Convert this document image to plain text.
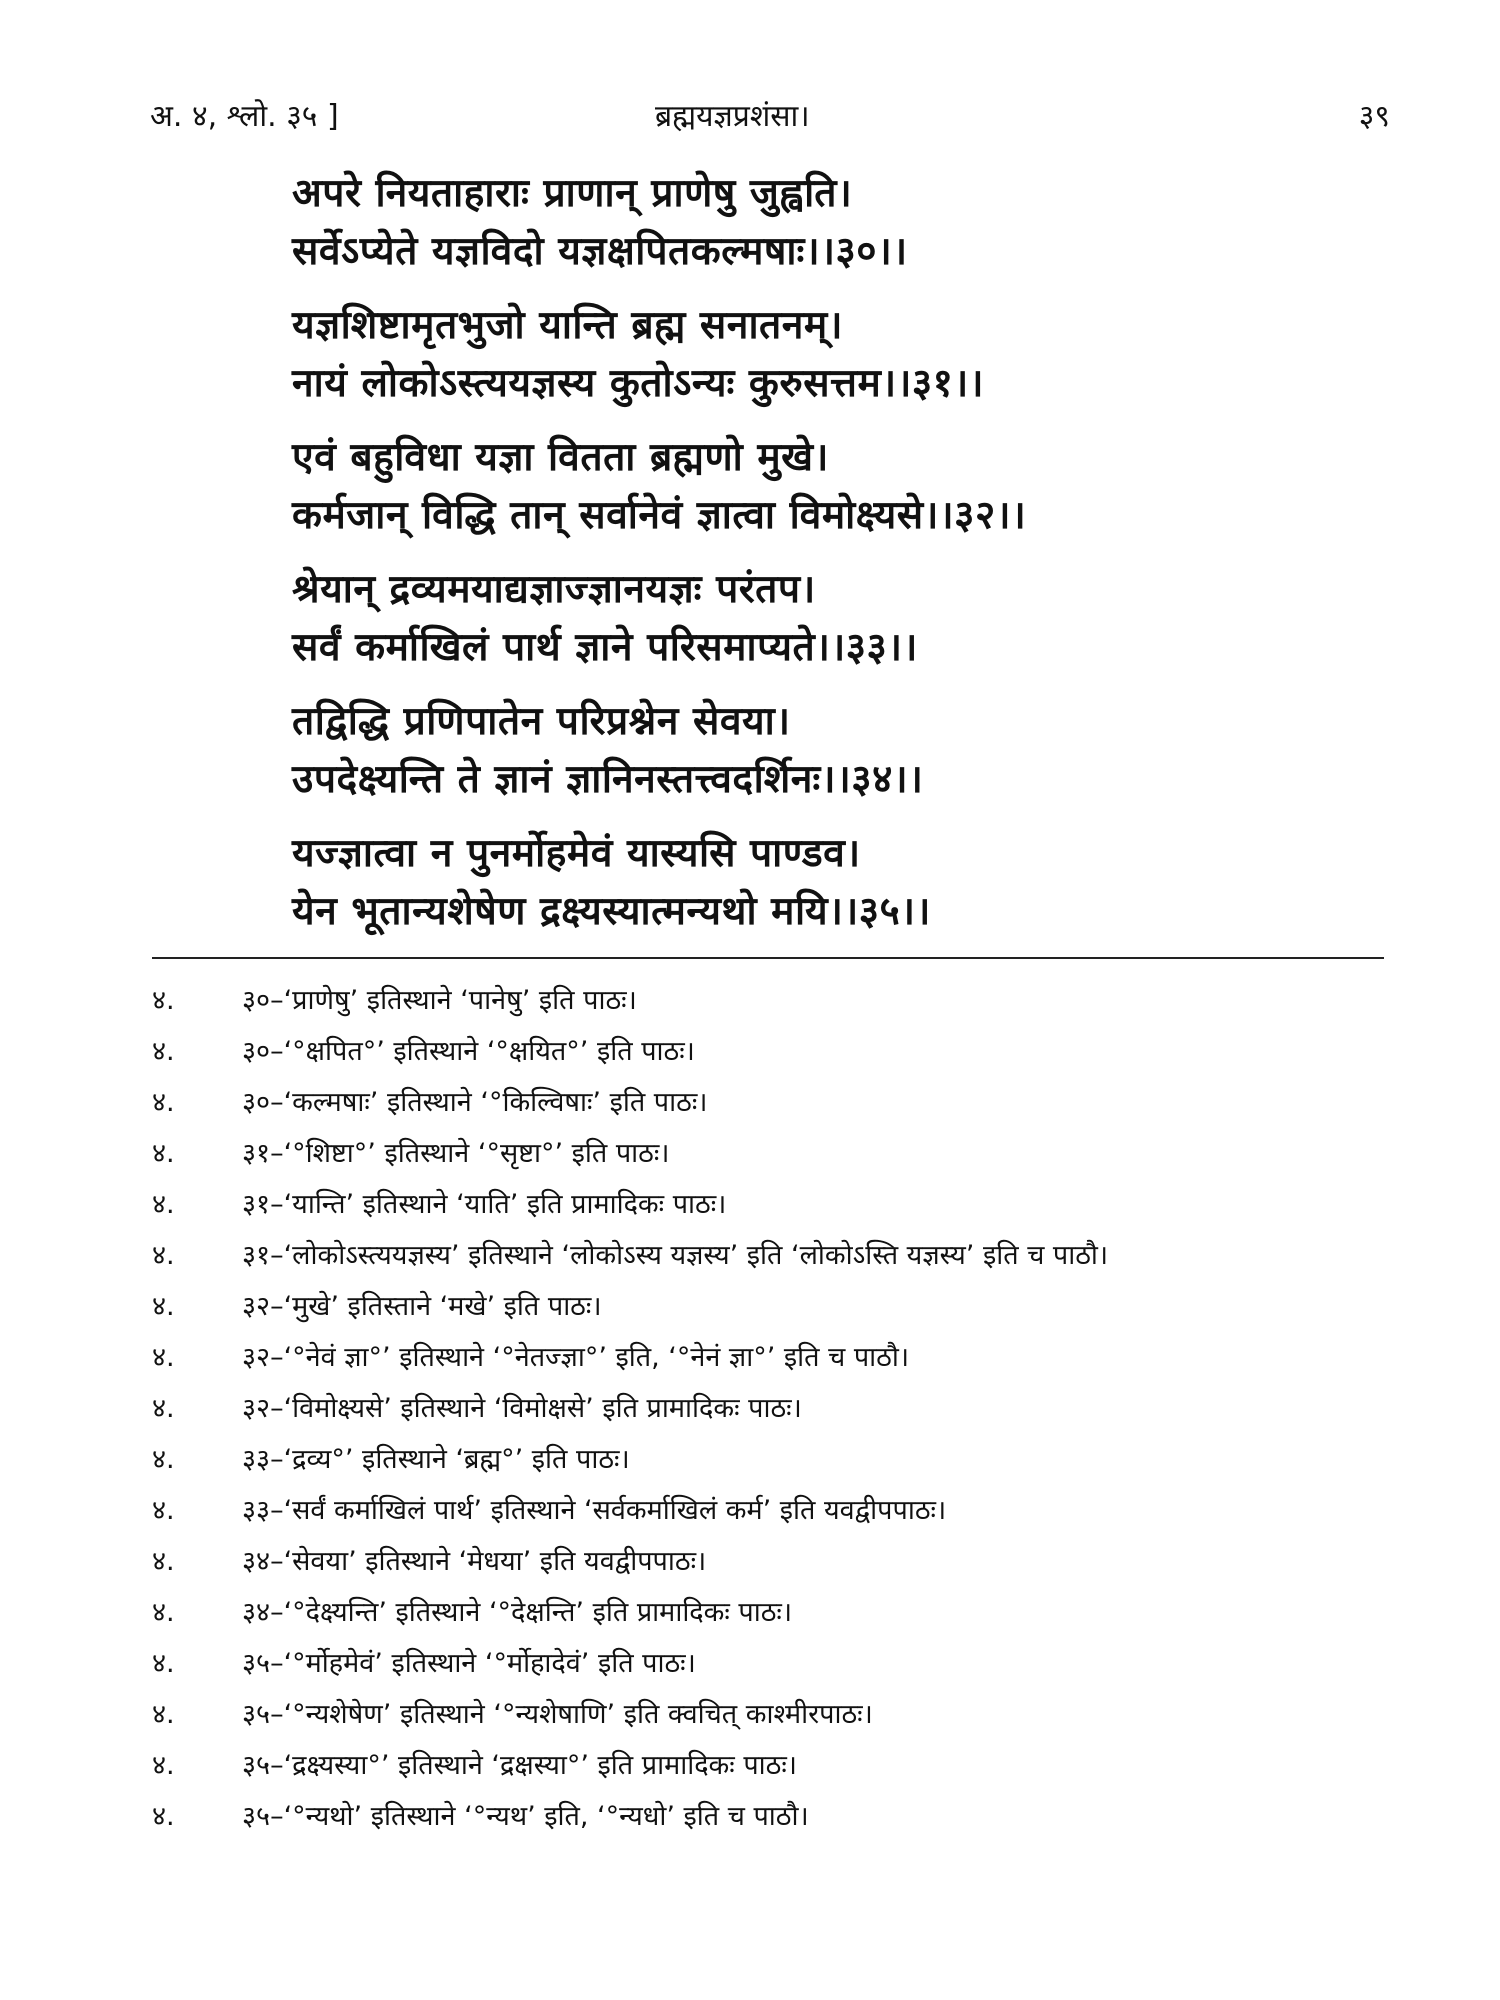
अ. ४, श्लो. ३५ ]	ब्रह्मयज्ञप्रशंसा।	३९
अपरे नियताहाराः प्राणान् प्राणेषु जुह्वति।
सर्वेऽप्येते यज्ञविदो यज्ञक्षपितकल्मषाः।।३०।।
यज्ञशिष्टामृतभुजो यान्ति ब्रह्म सनातनम्।
नायं लोकोऽस्त्ययज्ञस्य कुतोऽन्यः कुरुसत्तम।।३१।।
एवं बहुविधा यज्ञा वितता ब्रह्मणो मुखे।
कर्मजान् विद्धि तान् सर्वानेवं ज्ञात्वा विमोक्ष्यसे।।३२।।
श्रेयान् द्रव्यमयाद्यज्ञाज्ज्ञानयज्ञः परंतप।
सर्वं कर्माखिलं पार्थ ज्ञाने परिसमाप्यते।।३३।।
तद्विद्धि प्रणिपातेन परिप्रश्नेन सेवया।
उपदेक्ष्यन्ति ते ज्ञानं ज्ञानिनस्तत्त्वदर्शिनः।।३४।।
यज्ज्ञात्वा न पुनर्मोहमेवं यास्यसि पाण्डव।
येन भूतान्यशेषेण द्रक्ष्यस्यात्मन्यथो मयि।।३५।।
४.	३०–‘प्राणेषु’ इतिस्थाने ‘पानेषु’ इति पाठः।
४.	३०–‘°क्षपित°’ इतिस्थाने ‘°क्षयित°’ इति पाठः।
४.	३०–‘कल्मषाः’ इतिस्थाने ‘°किल्विषाः’ इति पाठः।
४.	३१–‘°शिष्टा°’ इतिस्थाने ‘°सृष्टा°’ इति पाठः।
४.	३१–‘यान्ति’ इतिस्थाने ‘याति’ इति प्रामादिकः पाठः।
४.	३१–‘लोकोऽस्त्ययज्ञस्य’ इतिस्थाने ‘लोकोऽस्य यज्ञस्य’ इति ‘लोकोऽस्ति यज्ञस्य’ इति च पाठौ।
४.	३२–‘मुखे’ इतिस्ताने ‘मखे’ इति पाठः।
४.	३२–‘°नेवं ज्ञा°’ इतिस्थाने ‘°नेतज्ज्ञा°’ इति, ‘°नेनं ज्ञा°’ इति च पाठौ।
४.	३२–‘विमोक्ष्यसे’ इतिस्थाने ‘विमोक्षसे’ इति प्रामादिकः पाठः।
४.	३३–‘द्रव्य°’ इतिस्थाने ‘ब्रह्म°’ इति पाठः।
४.	३३–‘सर्वं कर्माखिलं पार्थ’ इतिस्थाने ‘सर्वकर्माखिलं कर्म’ इति यवद्वीपपाठः।
४.	३४–‘सेवया’ इतिस्थाने ‘मेधया’ इति यवद्वीपपाठः।
४.	३४–‘°देक्ष्यन्ति’ इतिस्थाने ‘°देक्षन्ति’ इति प्रामादिकः पाठः।
४.	३५–‘°र्मोहमेवं’ इतिस्थाने ‘°र्मोहादेवं’ इति पाठः।
४.	३५–‘°न्यशेषेण’ इतिस्थाने ‘°न्यशेषाणि’ इति क्वचित् काश्मीरपाठः।
४.	३५–‘द्रक्ष्यस्या°’ इतिस्थाने ‘द्रक्षस्या°’ इति प्रामादिकः पाठः।
४.	३५–‘°न्यथो’ इतिस्थाने ‘°न्यथ’ इति, ‘°न्यधो’ इति च पाठौ।
